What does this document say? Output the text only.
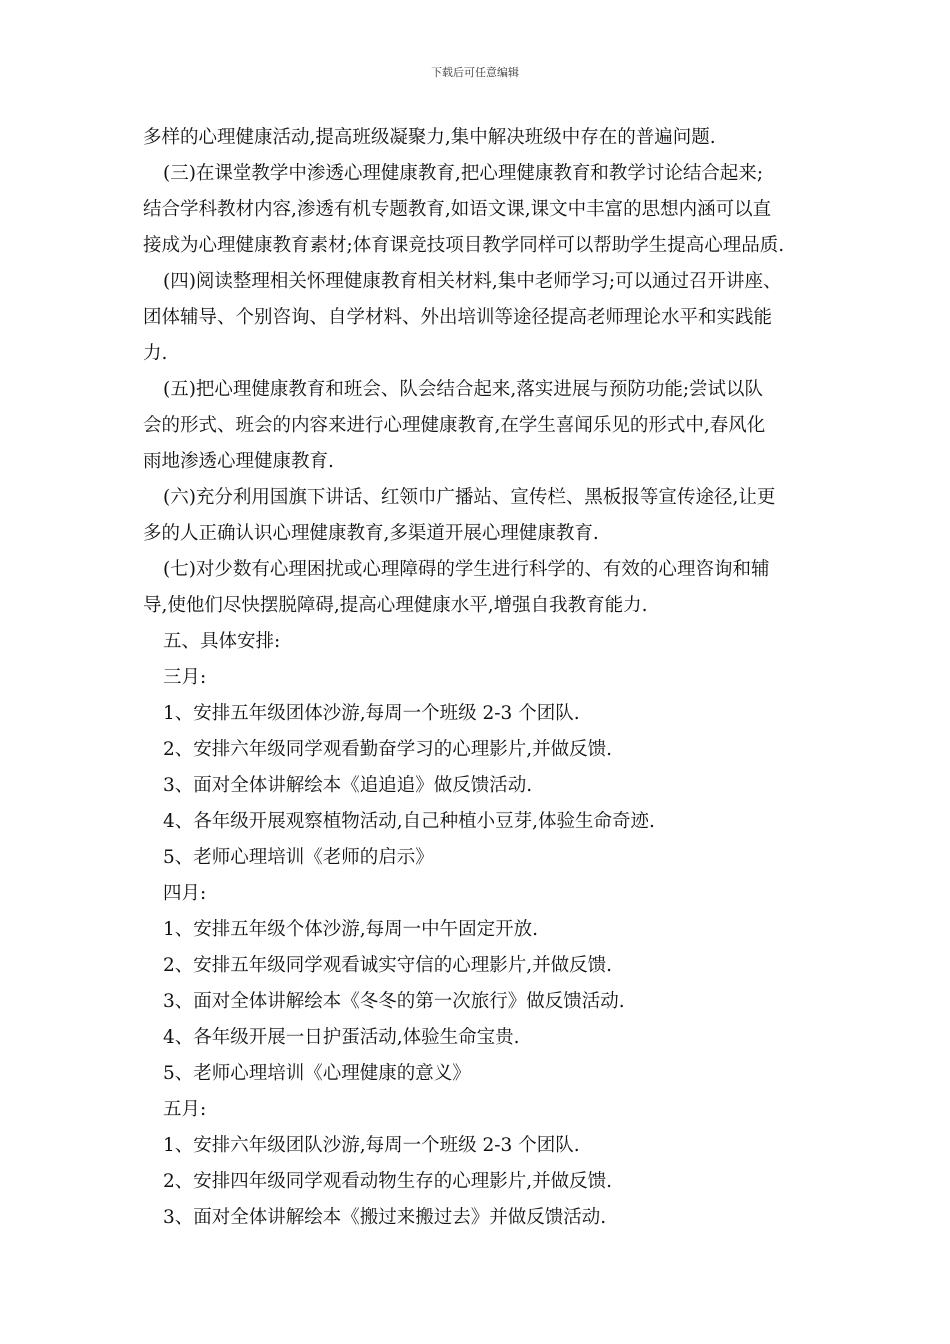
下载后可任意编辑
多样的心理健康活动,提高班级凝聚力,集中解决班级中存在的普遍问题.
(三)在课堂教学中渗透心理健康教育,把心理健康教育和教学讨论结合起来;
结合学科教材内容,渗透有机专题教育,如语文课,课文中丰富的思想内涵可以直
接成为心理健康教育素材;体育课竞技项目教学同样可以帮助学生提高心理品质.
(四)阅读整理相关怀理健康教育相关材料,集中老师学习;可以通过召开讲座、
团体辅导、个别咨询、自学材料、外出培训等途径提高老师理论水平和实践能
力.
(五)把心理健康教育和班会、队会结合起来,落实进展与预防功能;尝试以队
会的形式、班会的内容来进行心理健康教育,在学生喜闻乐见的形式中,春风化
雨地渗透心理健康教育.
(六)充分利用国旗下讲话、红领巾广播站、宣传栏、黑板报等宣传途径,让更
多的人正确认识心理健康教育,多渠道开展心理健康教育.
(七)对少数有心理困扰或心理障碍的学生进行科学的、有效的心理咨询和辅
导,使他们尽快摆脱障碍,提高心理健康水平,增强自我教育能力.
五、具体安排:
三月:
1、安排五年级团体沙游,每周一个班级 2-3 个团队.
2、安排六年级同学观看勤奋学习的心理影片,并做反馈.
3、面对全体讲解绘本《追追追》做反馈活动.
4、各年级开展观察植物活动,自己种植小豆芽,体验生命奇迹.
5、老师心理培训《老师的启示》
四月:
1、安排五年级个体沙游,每周一中午固定开放.
2、安排五年级同学观看诚实守信的心理影片,并做反馈.
3、面对全体讲解绘本《冬冬的第一次旅行》做反馈活动.
4、各年级开展一日护蛋活动,体验生命宝贵.
5、老师心理培训《心理健康的意义》
五月:
1、安排六年级团队沙游,每周一个班级 2-3 个团队.
2、安排四年级同学观看动物生存的心理影片,并做反馈.
3、面对全体讲解绘本《搬过来搬过去》并做反馈活动.
